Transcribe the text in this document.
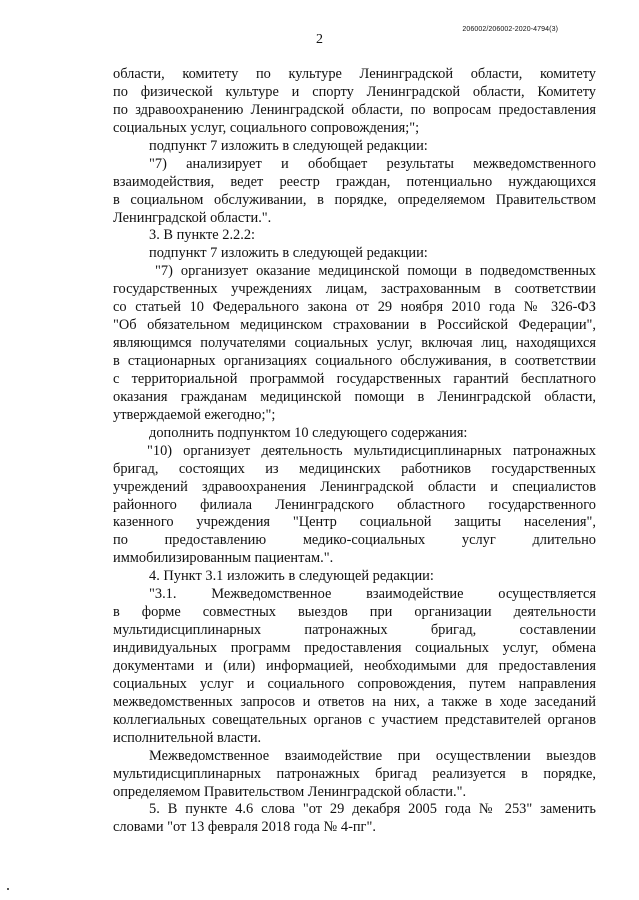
206002/206002-2020-4794(3)
2
области, комитету по культуре Ленинградской области, комитету
по физической культуре и спорту Ленинградской области, Комитету
по здравоохранению Ленинградской области, по вопросам предоставления
социальных услуг, социального сопровождения;";
подпункт 7 изложить в следующей редакции:
"7) анализирует и обобщает результаты межведомственного
взаимодействия, ведет реестр граждан, потенциально нуждающихся
в социальном обслуживании, в порядке, определяемом Правительством
Ленинградской области.".
3. В пункте 2.2.2:
подпункт 7 изложить в следующей редакции:
"7) организует оказание медицинской помощи в подведомственных
государственных учреждениях лицам, застрахованным в соответствии
со статьей 10 Федерального закона от 29 ноября 2010 года № 326-ФЗ
"Об обязательном медицинском страховании в Российской Федерации",
являющимся получателями социальных услуг, включая лиц, находящихся
в стационарных организациях социального обслуживания, в соответствии
с территориальной программой государственных гарантий бесплатного
оказания гражданам медицинской помощи в Ленинградской области,
утверждаемой ежегодно;";
дополнить подпунктом 10 следующего содержания:
"10) организует деятельность мультидисциплинарных патронажных
бригад, состоящих из медицинских работников государственных
учреждений здравоохранения Ленинградской области и специалистов
районного филиала Ленинградского областного государственного
казенного учреждения "Центр социальной защиты населения",
по предоставлению медико-социальных услуг длительно
иммобилизированным пациентам.".
4. Пункт 3.1 изложить в следующей редакции:
"3.1. Межведомственное взаимодействие осуществляется
в форме совместных выездов при организации деятельности
мультидисциплинарных патронажных бригад, составлении
индивидуальных программ предоставления социальных услуг, обмена
документами и (или) информацией, необходимыми для предоставления
социальных услуг и социального сопровождения, путем направления
межведомственных запросов и ответов на них, а также в ходе заседаний
коллегиальных совещательных органов с участием представителей органов
исполнительной власти.
Межведомственное взаимодействие при осуществлении выездов
мультидисциплинарных патронажных бригад реализуется в порядке,
определяемом Правительством Ленинградской области.".
5. В пункте 4.6 слова "от 29 декабря 2005 года № 253" заменить
словами "от 13 февраля 2018 года № 4-пг".
